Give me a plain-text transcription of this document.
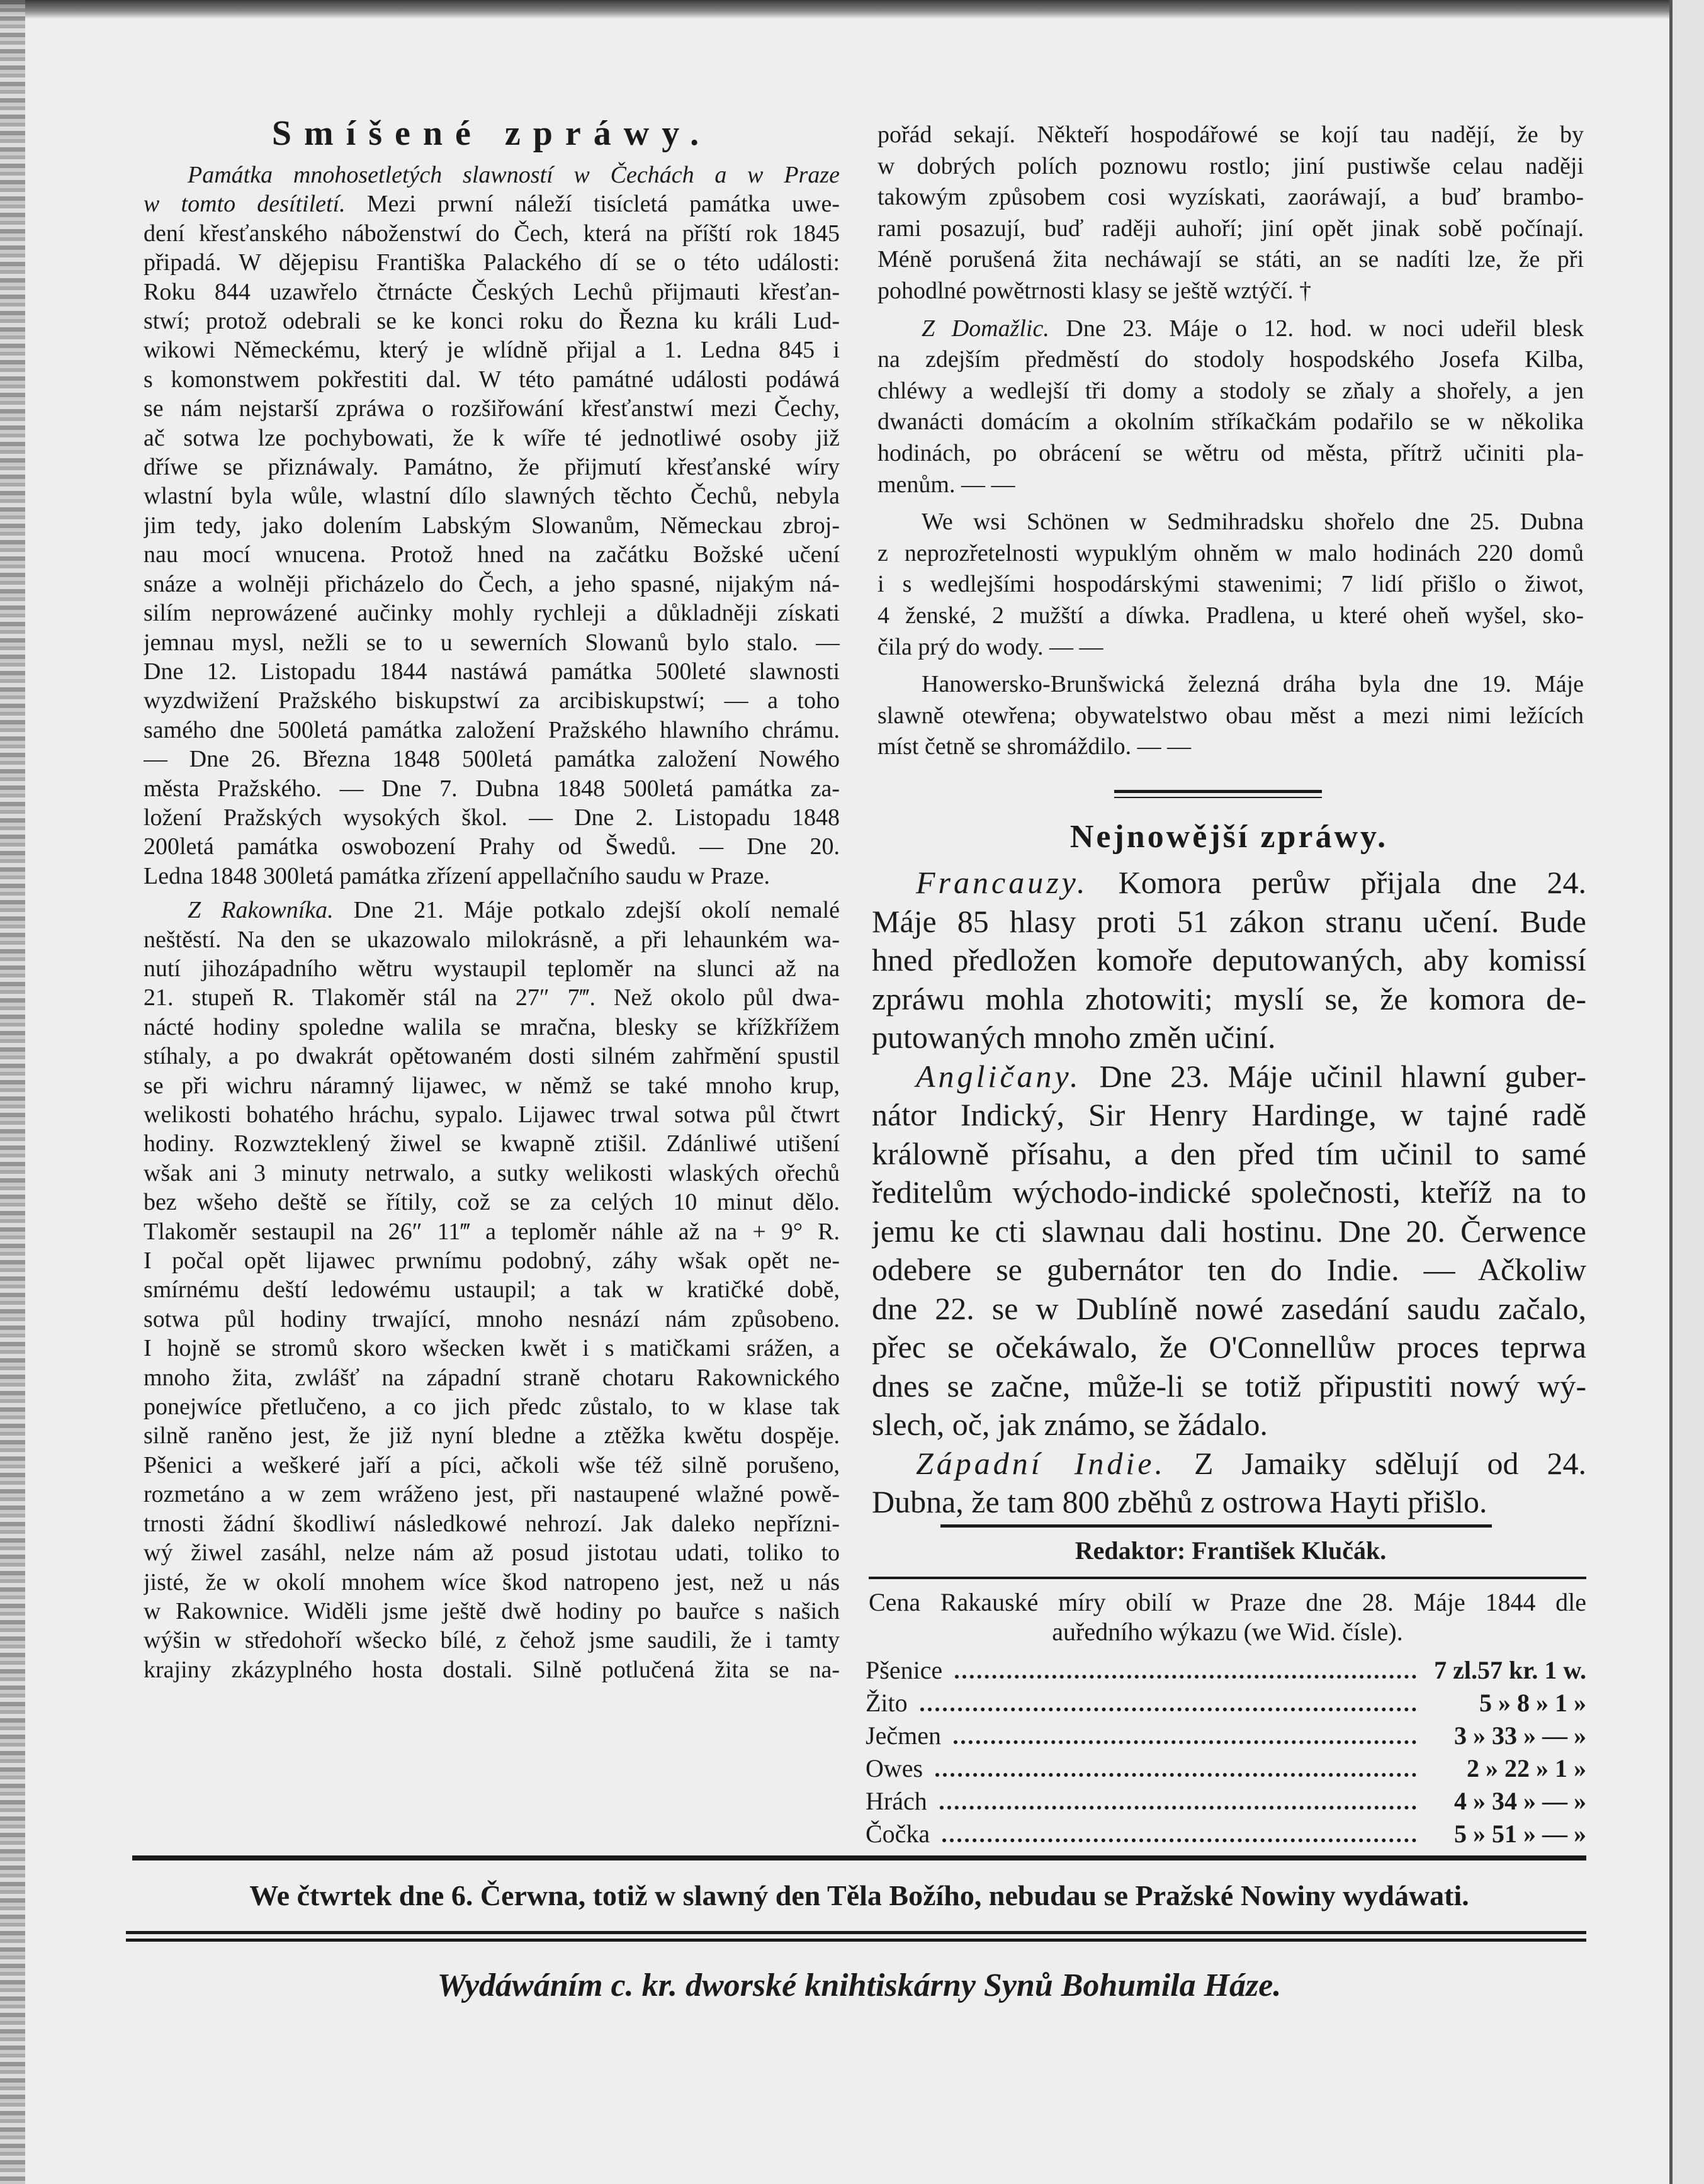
Smíšené zpráwy.
Památka mnohosetletých slawností w Čechách a w Praze
w tomto desítiletí. Mezi prwní náleží tisícletá památka uwe-
dení křesťanského náboženstwí do Čech, která na příští rok 1845
připadá. W dějepisu Františka Palackého dí se o této události:
Roku 844 uzawřelo čtrnácte Českých Lechů přijmauti křesťan-
stwí; protož odebrali se ke konci roku do Řezna ku králi Lud-
wikowi Německému, který je wlídně přijal a 1. Ledna 845 i
s komonstwem pokřestiti dal. W této památné události podáwá
se nám nejstarší zpráwa o rozšiřowání křesťanstwí mezi Čechy,
ač sotwa lze pochybowati, že k wíře té jednotliwé osoby již
dříwe se přiznáwaly. Památno, že přijmutí křesťanské wíry
wlastní byla wůle, wlastní dílo slawných těchto Čechů, nebyla
jim tedy, jako dolením Labským Slowanům, Německau zbroj-
nau mocí wnucena. Protož hned na začátku Božské učení
snáze a wolněji přicházelo do Čech, a jeho spasné, nijakým ná-
silím neprowázené aučinky mohly rychleji a důkladněji získati
jemnau mysl, nežli se to u sewerních Slowanů bylo stalo. —
Dne 12. Listopadu 1844 nastáwá památka 500leté slawnosti
wyzdwižení Pražského biskupstwí za arcibiskupstwí; — a toho
samého dne 500letá památka založení Pražského hlawního chrámu.
— Dne 26. Března 1848 500letá památka založení Nowého
města Pražského. — Dne 7. Dubna 1848 500letá památka za-
ložení Pražských wysokých škol. — Dne 2. Listopadu 1848
200letá památka oswobození Prahy od Šwedů. — Dne 20.
Ledna 1848 300letá památka zřízení appellačního saudu w Praze.
Z Rakowníka. Dne 21. Máje potkalo zdejší okolí nemalé
neštěstí. Na den se ukazowalo milokrásně, a při lehaunkém wa-
nutí jihozápadního wětru wystaupil teploměr na slunci až na
21. stupeň R. Tlakoměr stál na 27″ 7‴. Než okolo půl dwa-
nácté hodiny spoledne walila se mračna, blesky se křížkřížem
stíhaly, a po dwakrát opětowaném dosti silném zahřmění spustil
se při wichru náramný lijawec, w němž se také mnoho krup,
welikosti bohatého hráchu, sypalo. Lijawec trwal sotwa půl čtwrt
hodiny. Rozwzteklený žiwel se kwapně ztišil. Zdánliwé utišení
wšak ani 3 minuty netrwalo, a sutky welikosti wlaských ořechů
bez wšeho deště se řítily, což se za celých 10 minut dělo.
Tlakoměr sestaupil na 26″ 11‴ a teploměr náhle až na + 9° R.
I počal opět lijawec prwnímu podobný, záhy wšak opět ne-
smírnému deští ledowému ustaupil; a tak w kratičké době,
sotwa půl hodiny trwající, mnoho nesnází nám způsobeno.
I hojně se stromů skoro wšecken kwět i s matičkami srážen, a
mnoho žita, zwlášť na západní straně chotaru Rakownického
ponejwíce přetlučeno, a co jich předc zůstalo, to w klase tak
silně raněno jest, že již nyní bledne a ztěžka kwětu dospěje.
Pšenici a weškeré jaří a píci, ačkoli wše též silně porušeno,
rozmetáno a w zem wráženo jest, při nastaupené wlažné powě-
trnosti žádní škodliwí následkowé nehrozí. Jak daleko nepřízni-
wý žiwel zasáhl, nelze nám až posud jistotau udati, toliko to
jisté, že w okolí mnohem wíce škod natropeno jest, než u nás
w Rakownice. Widěli jsme ještě dwě hodiny po bauřce s našich
wýšin w středohoří wšecko bílé, z čehož jsme saudili, že i tamty
krajiny zkázyplného hosta dostali. Silně potlučená žita se na-
pořád sekají. Někteří hospodářowé se kojí tau nadějí, že by
w dobrých polích poznowu rostlo; jiní pustiwše celau naději
takowým způsobem cosi wyzískati, zaoráwají, a buď brambo-
rami posazují, buď raději auhoří; jiní opět jinak sobě počínají.
Méně porušená žita necháwají se státi, an se nadíti lze, že při
pohodlné powětrnosti klasy se ještě wztýčí. †
Z Domažlic. Dne 23. Máje o 12. hod. w noci udeřil blesk
na zdejším předměstí do stodoly hospodského Josefa Kilba,
chléwy a wedlejší tři domy a stodoly se zňaly a shořely, a jen
dwanácti domácím a okolním stříkačkám podařilo se w několika
hodinách, po obrácení se wětru od města, přítrž učiniti pla-
menům. — —
We wsi Schönen w Sedmihradsku shořelo dne 25. Dubna
z neprozřetelnosti wypuklým ohněm w malo hodinách 220 domů
i s wedlejšími hospodárskými stawenimi; 7 lidí přišlo o žiwot,
4 ženské, 2 mužští a díwka. Pradlena, u které oheň wyšel, sko-
čila prý do wody. — —
Hanowersko-Brunšwická železná dráha byla dne 19. Máje
slawně otewřena; obywatelstwo obau měst a mezi nimi ležících
míst četně se shromáždilo. — —
Nejnowější zpráwy.
Francauzy. Komora perůw přijala dne 24.
Máje 85 hlasy proti 51 zákon stranu učení. Bude
hned předložen komoře deputowaných, aby komissí
zpráwu mohla zhotowiti; myslí se, že komora de-
putowaných mnoho změn učiní.
Angličany. Dne 23. Máje učinil hlawní guber-
nátor Indický, Sir Henry Hardinge, w tajné radě
králowně přísahu, a den před tím učinil to samé
ředitelům wýchodo-indické společnosti, kteříž na to
jemu ke cti slawnau dali hostinu. Dne 20. Čerwence
odebere se gubernátor ten do Indie. — Ačkoliw
dne 22. se w Dublíně nowé zasedání saudu začalo,
přec se očekáwalo, že O'Connellůw proces teprwa
dnes se začne, může-li se totiž připustiti nowý wý-
slech, oč, jak známo, se žádalo.
Západní Indie. Z Jamaiky sdělují od 24.
Dubna, že tam 800 zběhů z ostrowa Hayti přišlo.
Redaktor: František Klučák.
Cena Rakauské míry obilí w Praze dne 28. Máje 1844 dle
auředního wýkazu (we Wid. čísle).
Pšenice	7 zl.57 kr. 1 w.
Žito	5 » 8 » 1 »
Ječmen	3 » 33 » — »
Owes	2 » 22 » 1 »
Hrách	4 » 34 » — »
Čočka	5 » 51 » — »
We čtwrtek dne 6. Čerwna, totiž w slawný den Těla Božího, nebudau se Pražské Nowiny wydáwati.
Wydáwáním c. kr. dworské knihtiskárny Synů Bohumila Háze.
